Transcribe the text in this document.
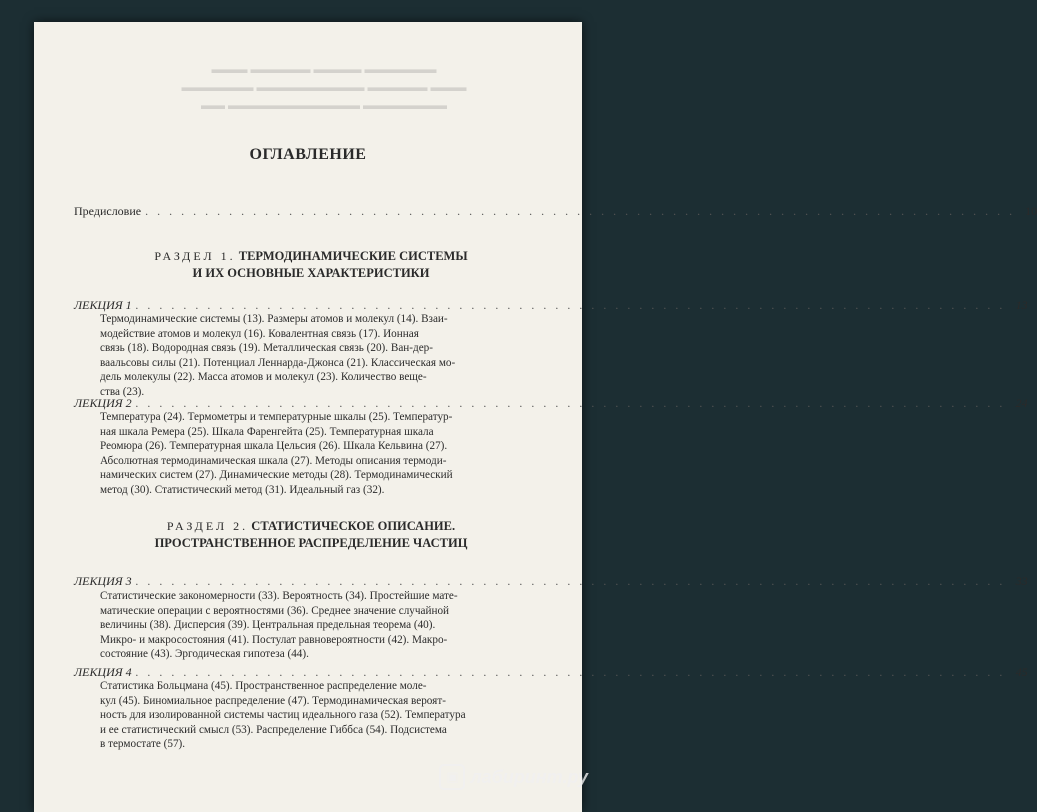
▬▬▬ ▬▬▬▬▬ ▬▬▬▬ ▬▬▬▬▬▬
▬▬▬▬▬▬ ▬▬▬▬▬▬▬▬▬ ▬▬▬▬▬ ▬▬▬
▬▬ ▬▬▬▬▬▬▬▬▬▬▬ ▬▬▬▬▬▬▬
ОГЛАВЛЕНИЕ
Предисловие . . . . . . . . . . . . . . . . . . . . . . . . . . . . . . . . . . . . . . . . . . . . . . . . . . . . . . . . . . . . . . . . . . . . . . . . . 10
РАЗДЕЛ 1. ТЕРМОДИНАМИЧЕСКИЕ СИСТЕМЫ
И ИХ ОСНОВНЫЕ ХАРАКТЕРИСТИКИ
ЛЕКЦИЯ 1 . . . . . . . . . . . . . . . . . . . . . . . . . . . . . . . . . . . . . . . . . . . . . . . . . . . . . . . . . . . . . . . . . . . . . . . . . 13
Термодинамические системы (13). Размеры атомов и молекул (14). Взаи-
модействие атомов и молекул (16). Ковалентная связь (17). Ионная
связь (18). Водородная связь (19). Металлическая связь (20). Ван-дер-
ваальсовы силы (21). Потенциал Леннарда-Джонса (21). Классическая мо-
дель молекулы (22). Масса атомов и молекул (23). Количество веще-
ства (23).
ЛЕКЦИЯ 2 . . . . . . . . . . . . . . . . . . . . . . . . . . . . . . . . . . . . . . . . . . . . . . . . . . . . . . . . . . . . . . . . . . . . . . . . . 24
Температура (24). Термометры и температурные шкалы (25). Температур-
ная шкала Ремера (25). Шкала Фаренгейта (25). Температурная шкала
Реомюра (26). Температурная шкала Цельсия (26). Шкала Кельвина (27).
Абсолютная термодинамическая шкала (27). Методы описания термоди-
намических систем (27). Динамические методы (28). Термодинамический
метод (30). Статистический метод (31). Идеальный газ (32).
РАЗДЕЛ 2. СТАТИСТИЧЕСКОЕ ОПИСАНИЕ.
ПРОСТРАНСТВЕННОЕ РАСПРЕДЕЛЕНИЕ ЧАСТИЦ
ЛЕКЦИЯ 3 . . . . . . . . . . . . . . . . . . . . . . . . . . . . . . . . . . . . . . . . . . . . . . . . . . . . . . . . . . . . . . . . . . . . . . . . . 33
Статистические закономерности (33). Вероятность (34). Простейшие мате-
матические операции с вероятностями (36). Среднее значение случайной
величины (38). Дисперсия (39). Центральная предельная теорема (40).
Микро- и макросостояния (41). Постулат равновероятности (42). Макро-
состояние (43). Эргодическая гипотеза (44).
ЛЕКЦИЯ 4 . . . . . . . . . . . . . . . . . . . . . . . . . . . . . . . . . . . . . . . . . . . . . . . . . . . . . . . . . . . . . . . . . . . . . . . . . 45
Статистика Больцмана (45). Пространственное распределение моле-
кул (45). Биномиальное распределение (47). Термодинамическая вероят-
ность для изолированной системы частиц идеального газа (52). Температура
и ее статистический смысл (53). Распределение Гиббса (54). Подсистема
в термостате (57).
▣ лабиринт.ру
